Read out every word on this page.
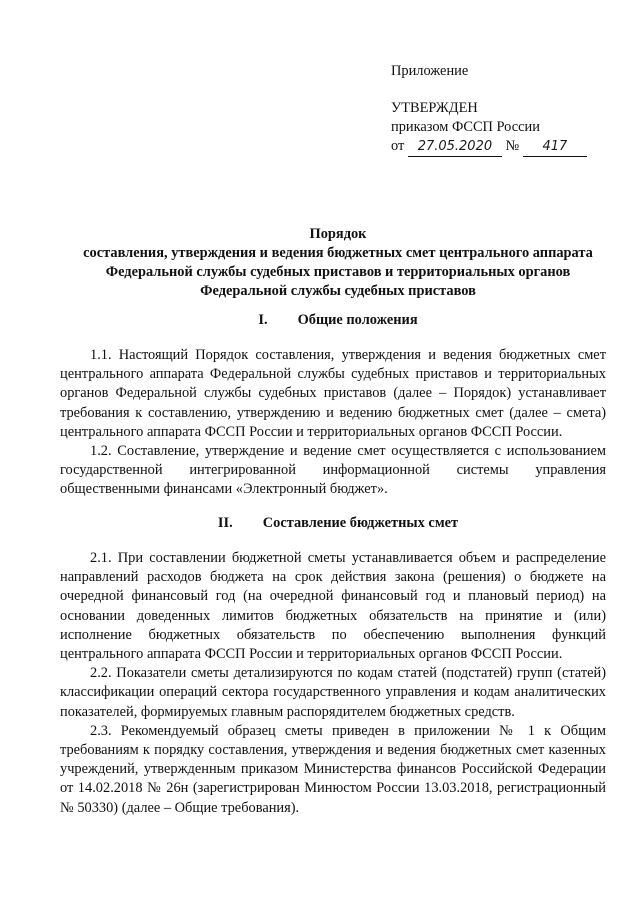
Приложение
УТВЕРЖДЕН
приказом ФССП России
от 27.05.2020 № 417
Порядок
составления, утверждения и ведения бюджетных смет центрального аппарата
Федеральной службы судебных приставов и территориальных органов
Федеральной службы судебных приставов
I. Общие положения

1.1. Настоящий Порядок составления, утверждения и ведения бюджетных смет центрального аппарата Федеральной службы судебных приставов и территориальных органов Федеральной службы судебных приставов (далее – Порядок) устанавливает требования к составлению, утверждению и ведению бюджетных смет (далее – смета) центрального аппарата ФССП России и территориальных органов ФССП России.

1.2. Составление, утверждение и ведение смет осуществляется с использованием государственной интегрированной информационной системы управления общественными финансами «Электронный бюджет».

II. Составление бюджетных смет

2.1. При составлении бюджетной сметы устанавливается объем и распределение направлений расходов бюджета на срок действия закона (решения) о бюджете на очередной финансовый год (на очередной финансовый год и плановый период) на основании доведенных лимитов бюджетных обязательств на принятие и (или) исполнение бюджетных обязательств по обеспечению выполнения функций центрального аппарата ФССП России и территориальных органов ФССП России.

2.2. Показатели сметы детализируются по кодам статей (подстатей) групп (статей) классификации операций сектора государственного управления и кодам аналитических показателей, формируемых главным распорядителем бюджетных средств.

2.3. Рекомендуемый образец сметы приведен в приложении № 1 к Общим требованиям к порядку составления, утверждения и ведения бюджетных смет казенных учреждений, утвержденным приказом Министерства финансов Российской Федерации от 14.02.2018 № 26н (зарегистрирован Минюстом России 13.03.2018, регистрационный № 50330) (далее – Общие требования).
